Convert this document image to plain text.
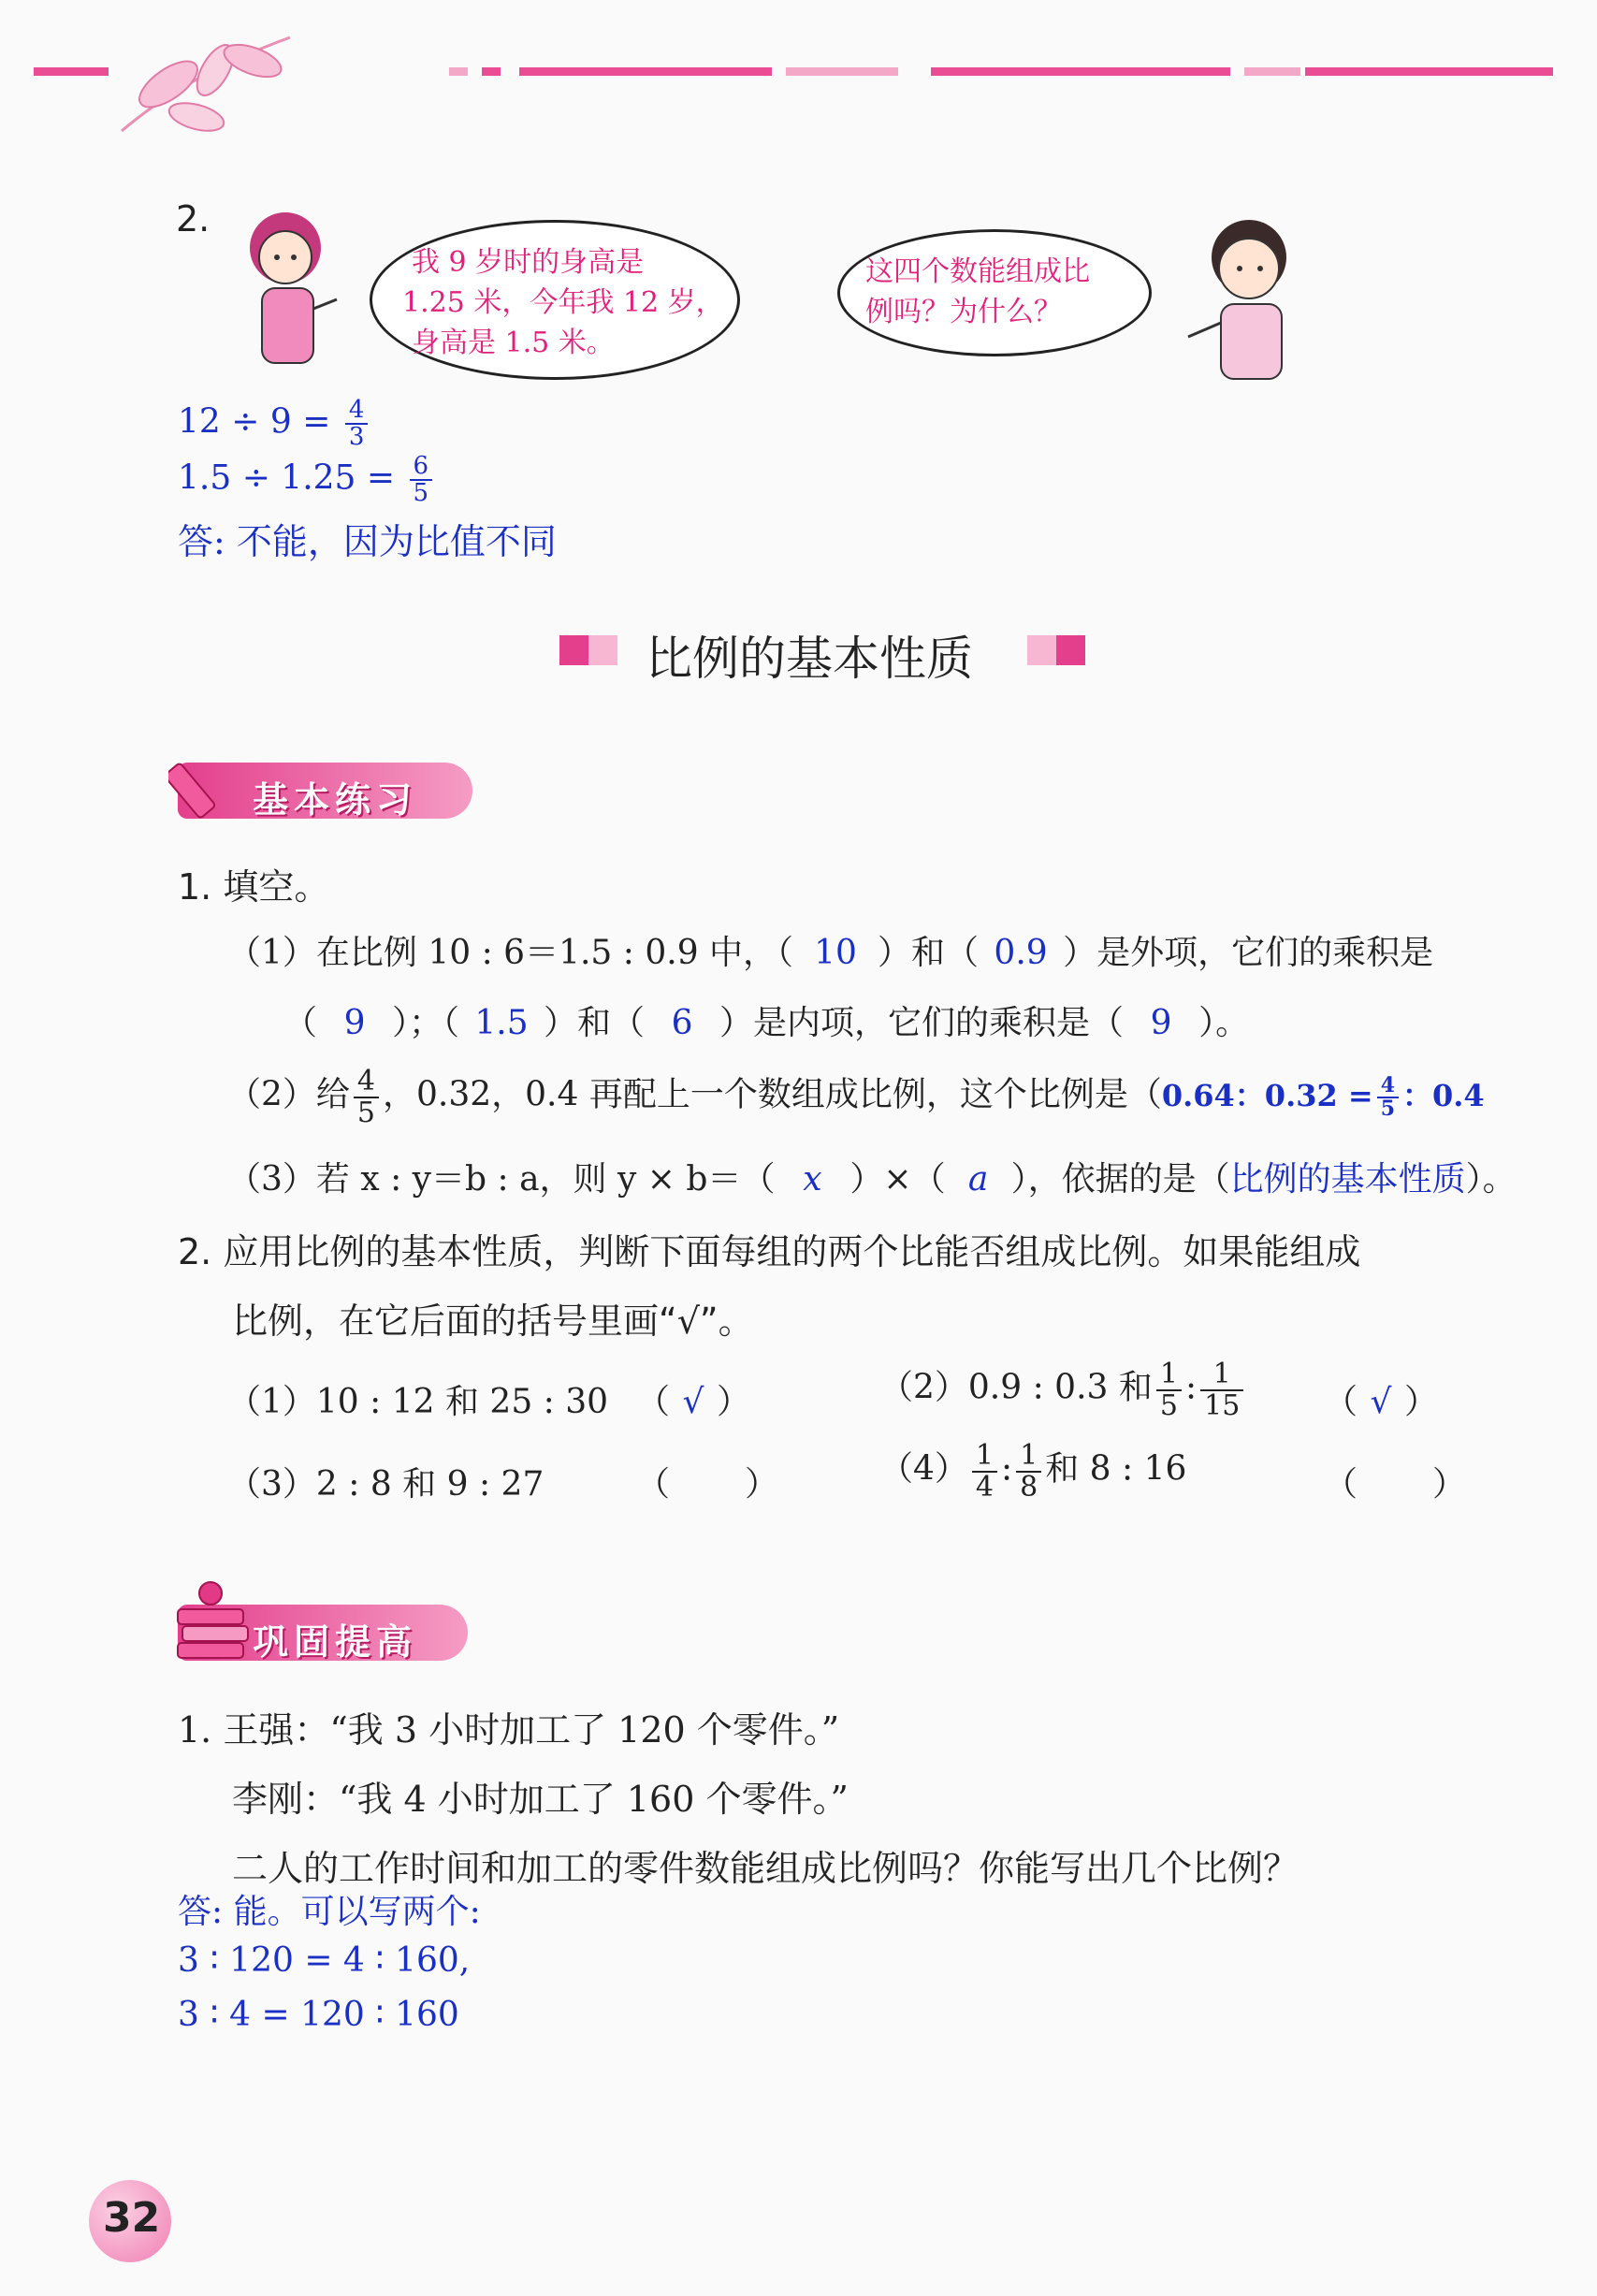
2.
我 9 岁时的身高是
1.25 米，今年我 12 岁，
身高是 1.5 米。
这四个数能组成比
例吗？为什么？
$12 \div 9 = \frac{4}{3}$
$1.5 \div 1.25 = \frac{6}{5}$
答: 不能，因为比值不同
比例的基本性质
基本练习
1. 填空。
（1）在比例 10 : 6＝1.5 : 0.9 中，（ 10 ）和（ 0.9 ）是外项，它们的乘积是
（ 9 ）；（ 1.5 ）和（ 6 ）是内项，它们的乘积是（ 9 ）。
（2）给 $\frac{4}{5}$ ，0.32，0.4 再配上一个数组成比例，这个比例是（0.64：$0.32 = \frac{4}{5}$ ：0.4
（3）若 x : y＝b : a，则 y × b＝（ x ）×（ a ），依据的是（比例的基本性质）。
2. 应用比例的基本性质，判断下面每组的两个比能否组成比例。如果能组成
比例，在它后面的括号里画“√”。
（1）10 : 12 和 25 : 30 （ √ ）	（2）0.9 : 0.3 和 $\frac{1}{5}$ : $\frac{1}{15}$ （ √ ）
（3）2 : 8 和 9 : 27	（ ）	$(4) \frac{1}{4}$ : $\frac{1}{8}$ 和 8 : 16	（ ）
巩固提高
1. 王强：“我 3 小时加工了 120 个零件。”
李刚：“我 4 小时加工了 160 个零件。”
二人的工作时间和加工的零件数能组成比例吗？你能写出几个比例？
答: 能。可以写两个:
3 ∶ 120 = 4 ∶ 160,
3 ∶ 4 = 120 ∶ 160
32
